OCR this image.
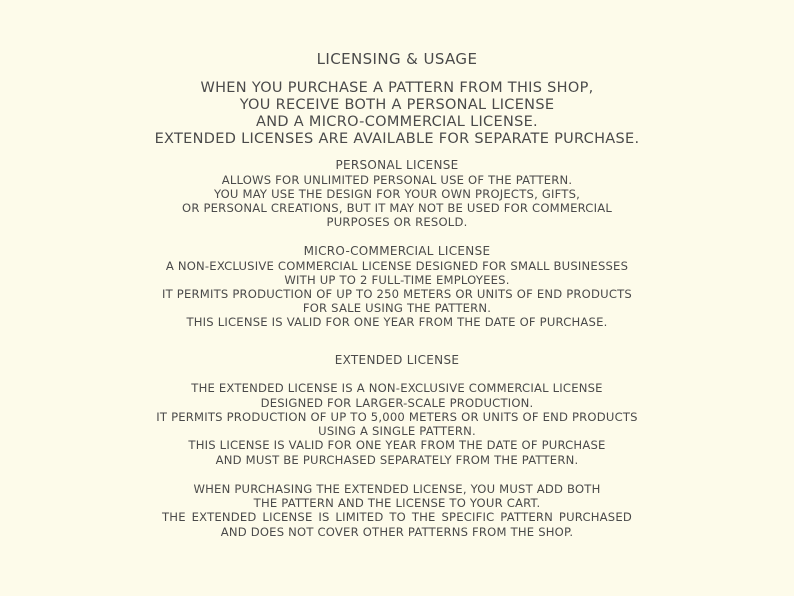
LICENSING & USAGE
WHEN YOU PURCHASE A PATTERN FROM THIS SHOP,
YOU RECEIVE BOTH A PERSONAL LICENSE
AND A MICRO-COMMERCIAL LICENSE.
EXTENDED LICENSES ARE AVAILABLE FOR SEPARATE PURCHASE.
PERSONAL LICENSE
ALLOWS FOR UNLIMITED PERSONAL USE OF THE PATTERN.
YOU MAY USE THE DESIGN FOR YOUR OWN PROJECTS, GIFTS,
OR PERSONAL CREATIONS, BUT IT MAY NOT BE USED FOR COMMERCIAL
PURPOSES OR RESOLD.
MICRO-COMMERCIAL LICENSE
A NON-EXCLUSIVE COMMERCIAL LICENSE DESIGNED FOR SMALL BUSINESSES
WITH UP TO 2 FULL-TIME EMPLOYEES.
IT PERMITS PRODUCTION OF UP TO 250 METERS OR UNITS OF END PRODUCTS
FOR SALE USING THE PATTERN.
THIS LICENSE IS VALID FOR ONE YEAR FROM THE DATE OF PURCHASE.
EXTENDED LICENSE
THE EXTENDED LICENSE IS A NON-EXCLUSIVE COMMERCIAL LICENSE
DESIGNED FOR LARGER-SCALE PRODUCTION.
IT PERMITS PRODUCTION OF UP TO 5,000 METERS OR UNITS OF END PRODUCTS
USING A SINGLE PATTERN.
THIS LICENSE IS VALID FOR ONE YEAR FROM THE DATE OF PURCHASE
AND MUST BE PURCHASED SEPARATELY FROM THE PATTERN.
WHEN PURCHASING THE EXTENDED LICENSE, YOU MUST ADD BOTH
THE PATTERN AND THE LICENSE TO YOUR CART.
THE EXTENDED LICENSE IS LIMITED TO THE SPECIFIC PATTERN PURCHASED
AND DOES NOT COVER OTHER PATTERNS FROM THE SHOP.
